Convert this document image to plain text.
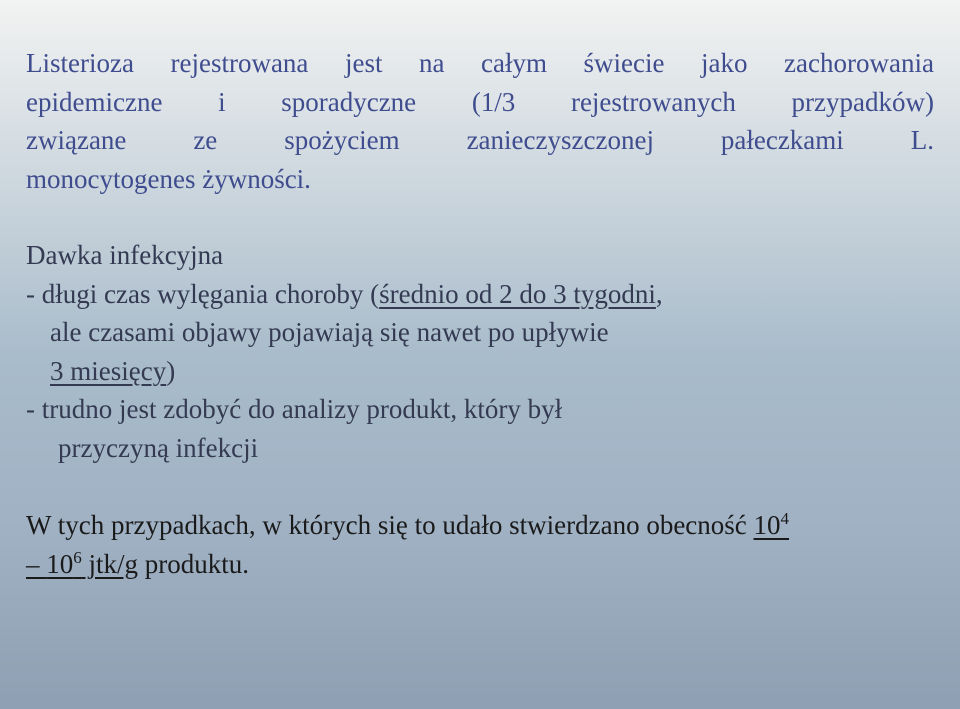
Listerioza rejestrowana jest na całym świecie jako zachorowania
epidemiczne i sporadyczne (1/3 rejestrowanych przypadków)
związane ze spożyciem zanieczyszczonej pałeczkami L.
monocytogenes żywności.
Dawka infekcyjna
- długi czas wylęgania choroby (średnio od 2 do 3 tygodni,
ale czasami objawy pojawiają się nawet po upływie
3 miesięcy)
- trudno jest zdobyć do analizy produkt, który był
przyczyną infekcji
W tych przypadkach, w których się to udało stwierdzano obecność $10^4$
– $10^6$ jtk/g produktu.
